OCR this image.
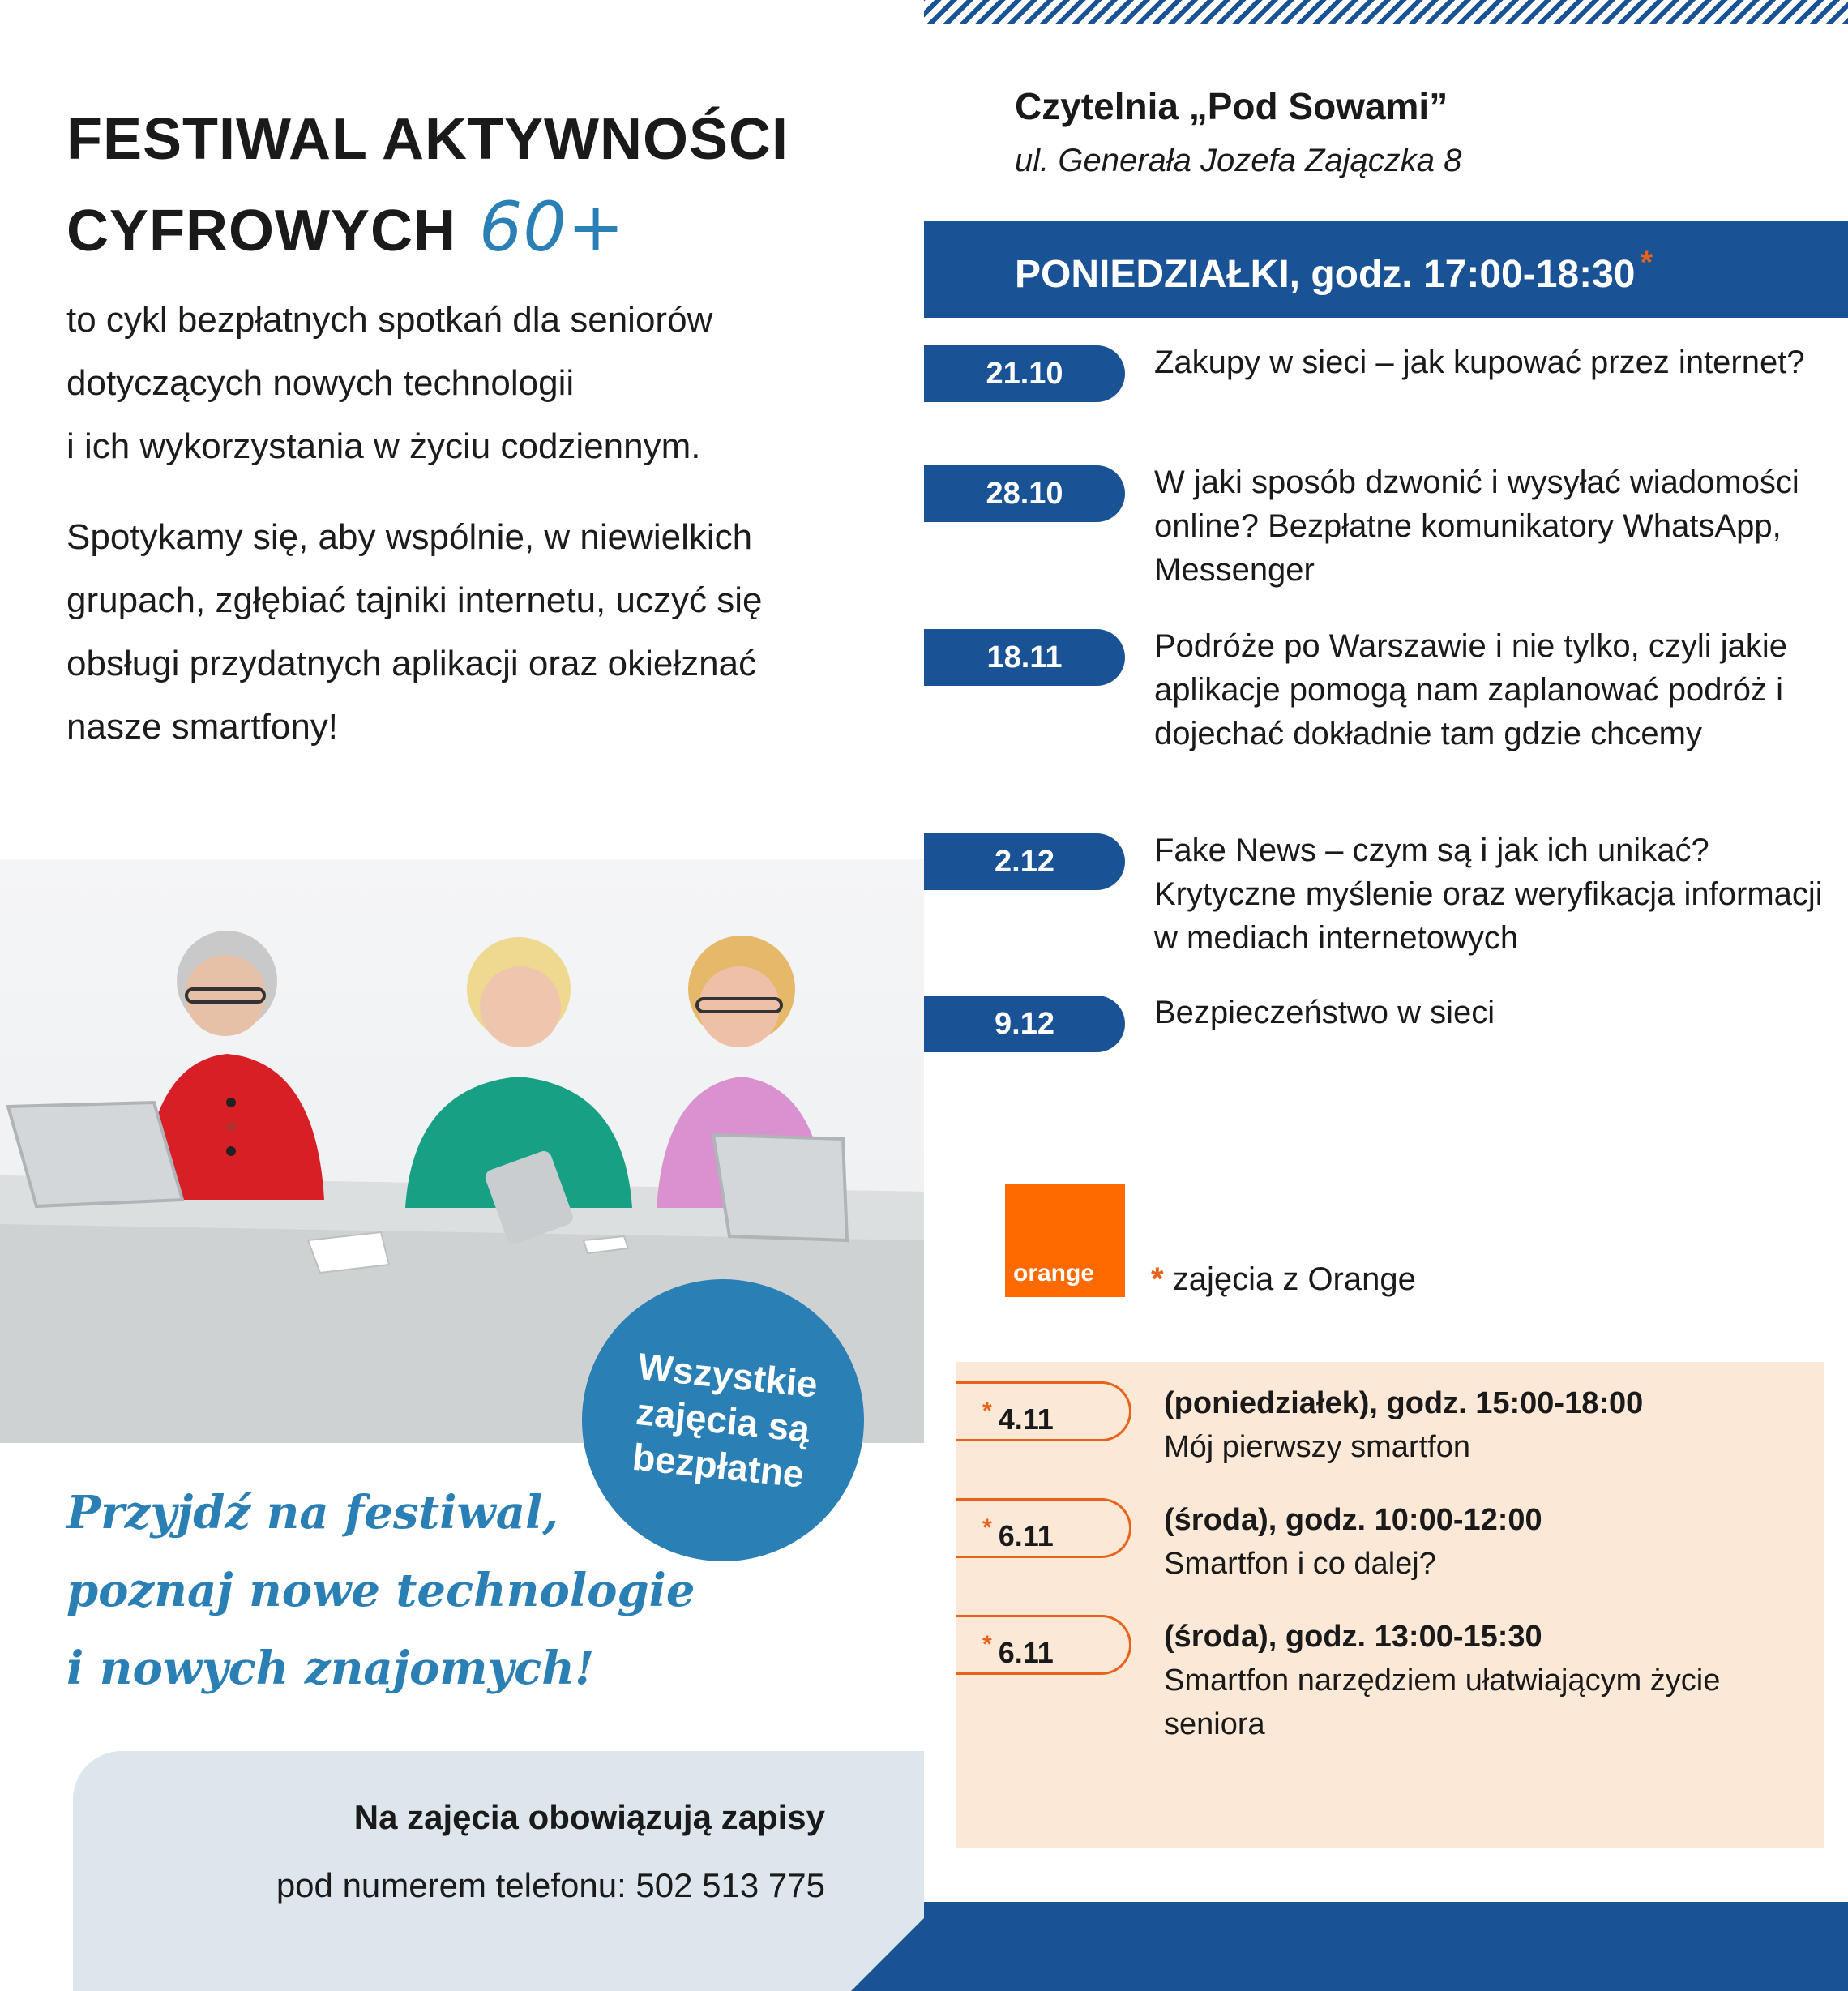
FESTIWAL AKTYWNOŚCI
CYFROWYCH 60+

to cykl bezpłatnych spotkań dla seniorów
dotyczących nowych technologii
i ich wykorzystania w życiu codziennym.

Spotykamy się, aby wspólnie, w niewielkich
grupach, zgłębiać tajniki internetu, uczyć się
obsługi przydatnych aplikacji oraz okiełznać
nasze smartfony!

Wszystkie
zajęcia są
bezpłatne

Przyjdź na festiwal,
poznaj nowe technologie
i nowych znajomych!

Na zajęcia obowiązują zapisy
pod numerem telefonu: 502 513 775
Czytelnia „Pod Sowami”
ul. Generała Jozefa Zajączka 8
PONIEDZIAŁKI, godz. 17:00-18:30 *
21.10	Zakupy w sieci – jak kupować przez internet?
28.10	W jaki sposób dzwonić i wysyłać wiadomości online? Bezpłatne komunikatory WhatsApp, Messenger
18.11	Podróże po Warszawie i nie tylko, czyli jakie aplikacje pomogą nam zaplanować podróż i dojechać dokładnie tam gdzie chcemy
2.12	Fake News – czym są i jak ich unikać? Krytyczne myślenie oraz weryfikacja informacji w mediach internetowych
9.12	Bezpieczeństwo w sieci
orange * zajęcia z Orange
* 4.11	(poniedziałek), godz. 15:00-18:00
Mój pierwszy smartfon
* 6.11	(środa), godz. 10:00-12:00
Smartfon i co dalej?
* 6.11	(środa), godz. 13:00-15:30
Smartfon narzędziem ułatwiającym życie seniora
